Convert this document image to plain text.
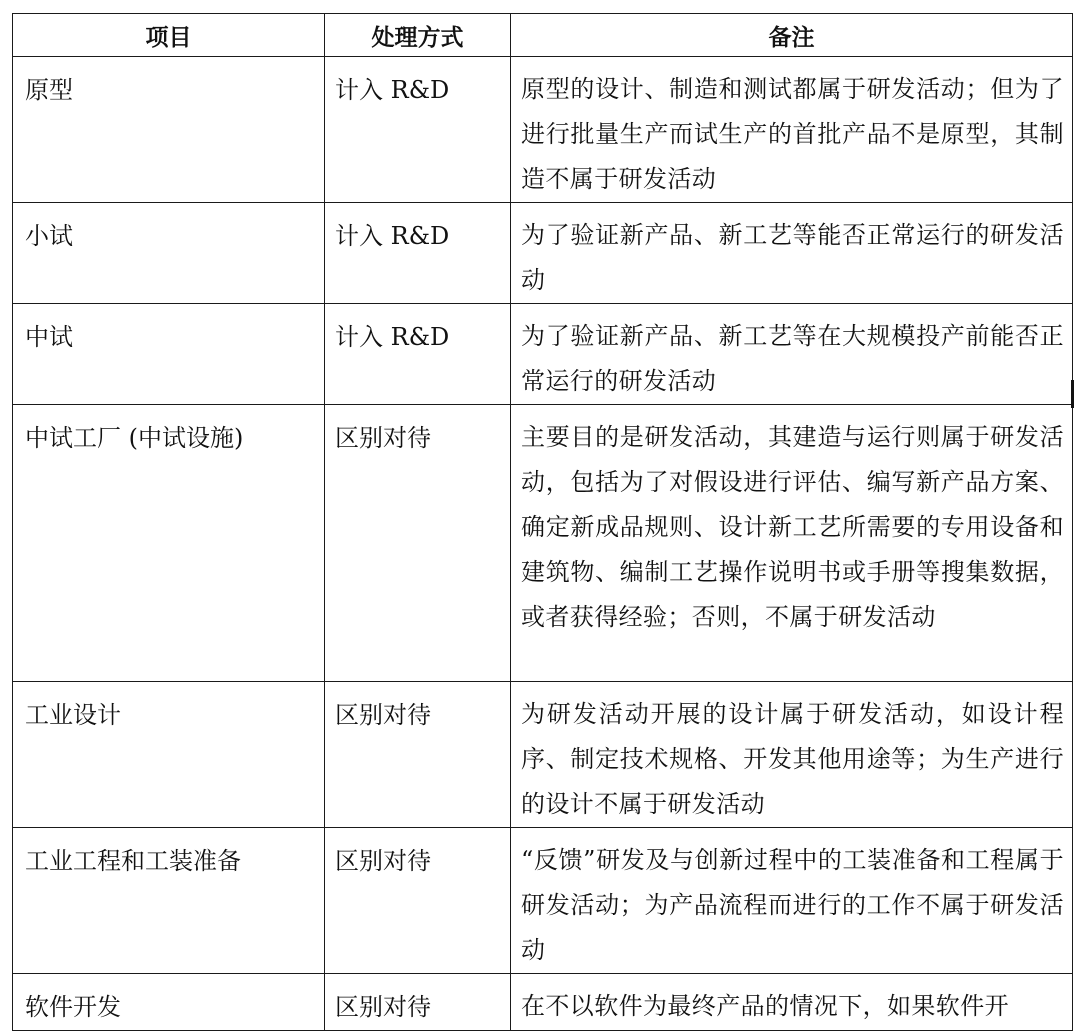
项目	处理方式	备注
原型	计入 R&D	原型的设计、制造和测试都属于研发活动；但为了进行批量生产而试生产的首批产品不是原型，其制造不属于研发活动
小试	计入 R&D	为了验证新产品、新工艺等能否正常运行的研发活动
中试	计入 R&D	为了验证新产品、新工艺等在大规模投产前能否正常运行的研发活动
中试工厂 (中试设施)	区别对待	主要目的是研发活动，其建造与运行则属于研发活动，包括为了对假设进行评估、编写新产品方案、确定新成品规则、设计新工艺所需要的专用设备和建筑物、编制工艺操作说明书或手册等搜集数据，或者获得经验；否则，不属于研发活动
工业设计	区别对待	为研发活动开展的设计属于研发活动，如设计程序、制定技术规格、开发其他用途等；为生产进行的设计不属于研发活动
工业工程和工装准备	区别对待	“反馈”研发及与创新过程中的工装准备和工程属于研发活动；为产品流程而进行的工作不属于研发活动
软件开发	区别对待	在不以软件为最终产品的情况下，如果软件开
